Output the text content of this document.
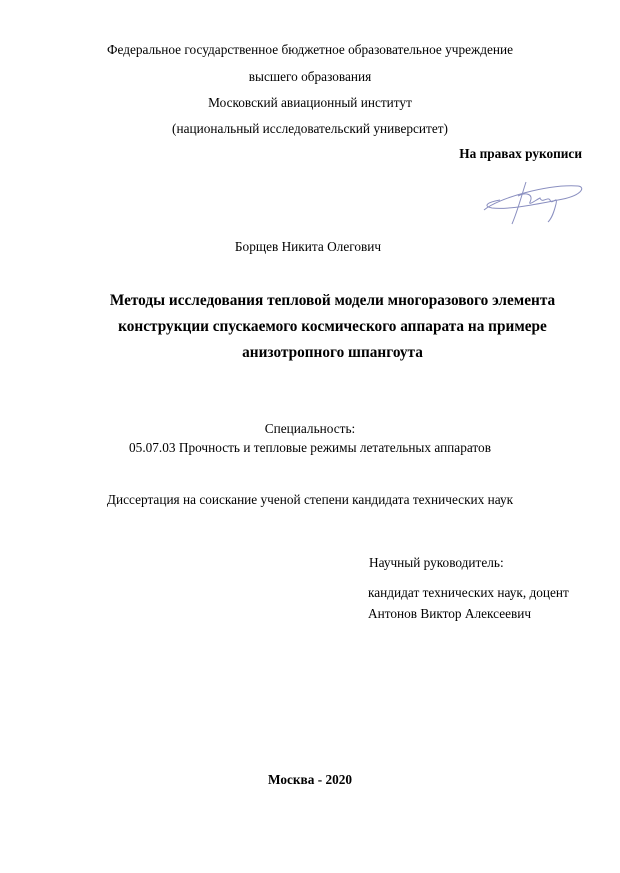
Федеральное государственное бюджетное образовательное учреждение
высшего образования
Московский авиационный институт
(национальный исследовательский университет)
На правах рукописи
Борщев Никита Олегович
Методы исследования тепловой модели многоразового элемента
конструкции спускаемого космического аппарата на примере
анизотропного шпангоута
Специальность:
05.07.03 Прочность и тепловые режимы летательных аппаратов
Диссертация на соискание ученой степени кандидата технических наук
Научный руководитель:
кандидат технических наук, доцент
Антонов Виктор Алексеевич
Москва - 2020
